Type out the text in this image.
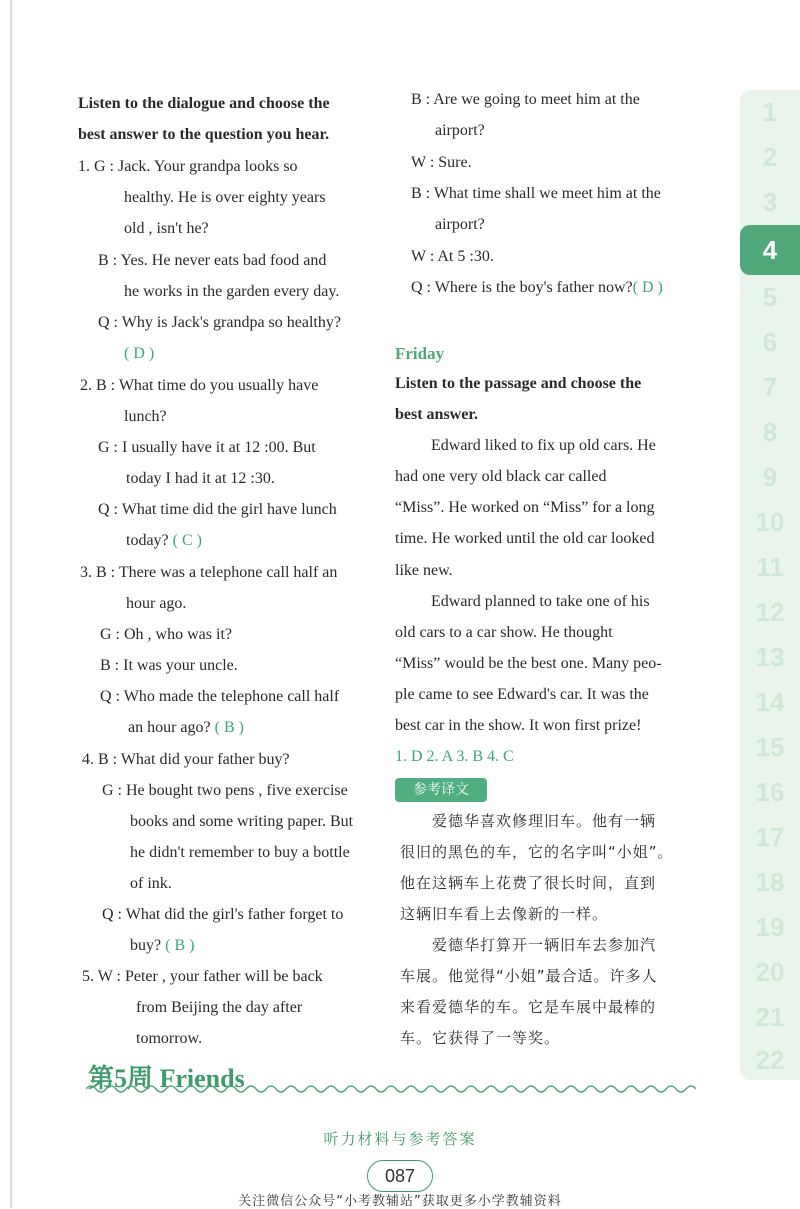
Listen to the dialogue and choose the
best answer to the question you hear.
1. G : Jack. Your grandpa looks so
healthy. He is over eighty years
old , isn't he?
B : Yes. He never eats bad food and
he works in the garden every day.
Q : Why is Jack's grandpa so healthy?
( D )
2. B : What time do you usually have
lunch?
G : I usually have it at 12 :00. But
today I had it at 12 :30.
Q : What time did the girl have lunch
today? ( C )
3. B : There was a telephone call half an
hour ago.
G : Oh , who was it?
B : It was your uncle.
Q : Who made the telephone call half
an hour ago? ( B )
4. B : What did your father buy?
G : He bought two pens , five exercise
books and some writing paper. But
he didn't remember to buy a bottle
of ink.
Q : What did the girl's father forget to
buy? ( B )
5. W : Peter , your father will be back
from Beijing the day after
tomorrow.
B : Are we going to meet him at the
airport?
W : Sure.
B : What time shall we meet him at the
airport?
W : At 5 :30.
Q : Where is the boy's father now?( D )
Friday
Listen to the passage and choose the
best answer.
Edward liked to fix up old cars. He
had one very old black car called
“Miss”. He worked on “Miss” for a long
time. He worked until the old car looked
like new.
Edward planned to take one of his
old cars to a car show. He thought
“Miss” would be the best one. Many peo-
ple came to see Edward's car. It was the
best car in the show. It won first prize!
1. D 2. A 3. B 4. C
参考译文
爱德华喜欢修理旧车。他有一辆
很旧的黑色的车，它的名字叫“小姐”。
他在这辆车上花费了很长时间，直到
这辆旧车看上去像新的一样。
爱德华打算开一辆旧车去参加汽
车展。他觉得“小姐”最合适。许多人
来看爱德华的车。它是车展中最棒的
车。它获得了一等奖。
1
2
3
4
5
6
7
8
9
10
11
12
13
14
15
16
17
18
19
20
21
22
第5周 Friends
听力材料与参考答案
087
关注微信公众号“小考教辅站”获取更多小学教辅资料
